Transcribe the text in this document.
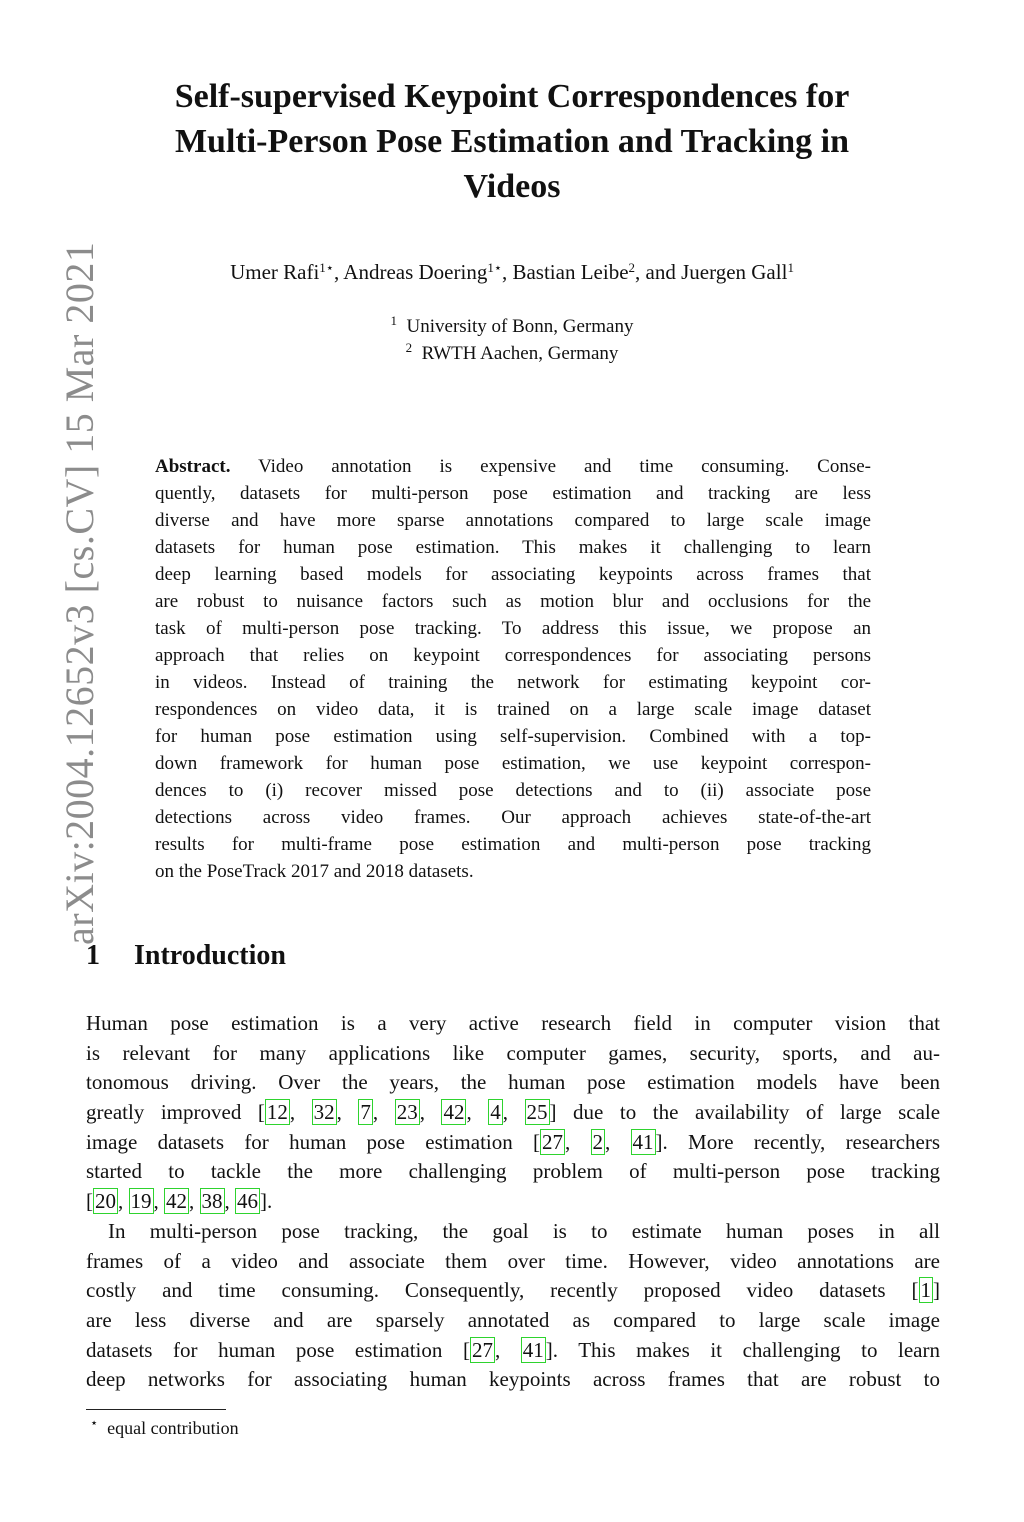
arXiv:2004.12652v3 [cs.CV] 15 Mar 2021
Self-supervised Keypoint Correspondences for
Multi-Person Pose Estimation and Tracking in
Videos
Umer Rafi$^{1⋆}$, Andreas Doering$^{1⋆}$, Bastian Leibe$^2$, and Juergen Gall$^1$
$^1$ University of Bonn, Germany
$^2$ RWTH Aachen, Germany
Abstract. Video annotation is expensive and time consuming. Conse-
quently, datasets for multi-person pose estimation and tracking are less
diverse and have more sparse annotations compared to large scale image
datasets for human pose estimation. This makes it challenging to learn
deep learning based models for associating keypoints across frames that
are robust to nuisance factors such as motion blur and occlusions for the
task of multi-person pose tracking. To address this issue, we propose an
approach that relies on keypoint correspondences for associating persons
in videos. Instead of training the network for estimating keypoint cor-
respondences on video data, it is trained on a large scale image dataset
for human pose estimation using self-supervision. Combined with a top-
down framework for human pose estimation, we use keypoint correspon-
dences to (i) recover missed pose detections and to (ii) associate pose
detections across video frames. Our approach achieves state-of-the-art
results for multi-frame pose estimation and multi-person pose tracking
on the PoseTrack 2017 and 2018 datasets.
1 Introduction
Human pose estimation is a very active research field in computer vision that
is relevant for many applications like computer games, security, sports, and au-
tonomous driving. Over the years, the human pose estimation models have been
greatly improved [12, 32, 7, 23, 42, 4, 25] due to the availability of large scale
image datasets for human pose estimation [27, 2, 41]. More recently, researchers
started to tackle the more challenging problem of multi-person pose tracking
[20, 19, 42, 38, 46].
In multi-person pose tracking, the goal is to estimate human poses in all
frames of a video and associate them over time. However, video annotations are
costly and time consuming. Consequently, recently proposed video datasets [1]
are less diverse and are sparsely annotated as compared to large scale image
datasets for human pose estimation [27, 41]. This makes it challenging to learn
deep networks for associating human keypoints across frames that are robust to
⋆ equal contribution
